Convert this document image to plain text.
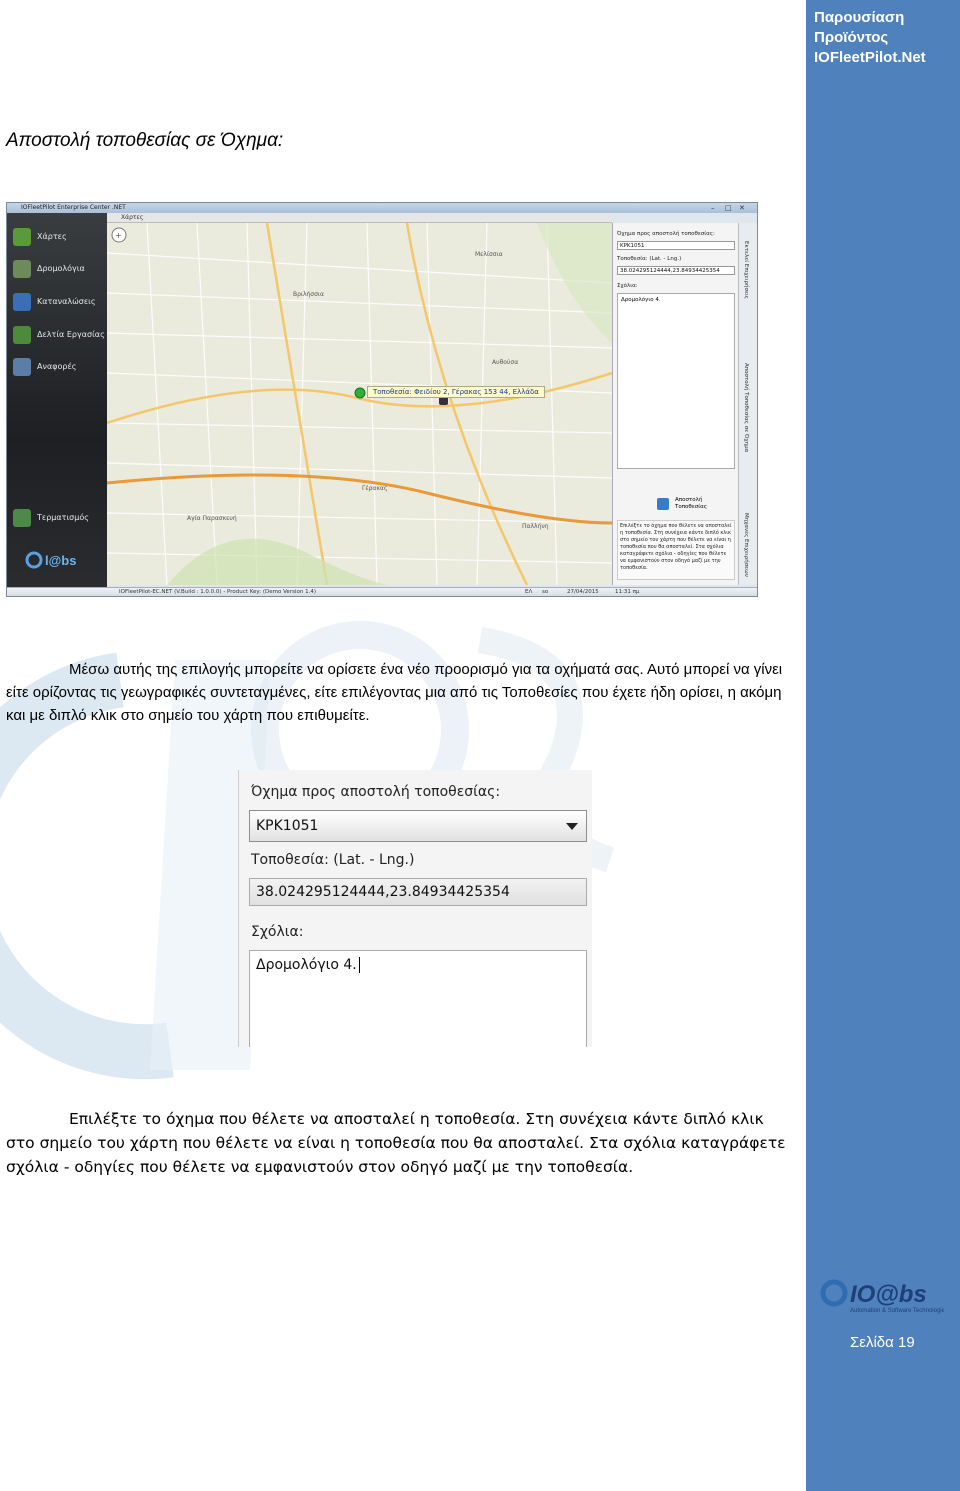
Παρουσίαση
Προϊόντος
IOFleetPilot.Net
Αποστολή τοποθεσίας σε Όχημα:
IOFleetPilot Enterprise Center .NET	– □ ✕
Χάρτες
Δρομολόγια
Καταναλώσεις
Δελτία Εργασίας
Αναφορές
Τερματισμός
l@bs
Χάρτες
+
Βριλήσσια
Μελίσσια
Αυθούσα
Γέρακας
Αγία Παρασκευή
Παλλήνη
Τοποθεσία: Φειδίου 2, Γέρακας 153 44, Ελλάδα
Όχημα προς αποστολή τοποθεσίας:
KPK1051
Τοποθεσία: (Lat. - Lng.)
38.024295124444,23.84934425354
Σχόλια:
Δρομολόγιο 4.
Αποστολή Τοποθεσίας
Επιλέξτε το όχημα που θέλετε να αποσταλεί η τοποθεσία. Στη συνέχεια κάντε διπλό κλικ στο σημείο του χάρτη που θέλετε να είναι η τοποθεσία που θα αποσταλεί. Στα σχόλια καταγράφετε σχόλια - οδηγίες που θέλετε να εμφανιστούν στον οδηγό μαζί με την τοποθεσία.
Εκτελεί Επιχειρήσεις
Αποστολή Τοποθεσίας σε Όχημα
Μηχανές Επιχειρήσεων
IOFleetPilot-EC.NET (V.Build : 1.0.0.0) - Product Key: (Demo Version 1.4)	ΕΛ so	27/04/2015	11:31 πμ
Μέσω αυτής της επιλογής μπορείτε να ορίσετε ένα νέο προορισμό για τα οχήματά σας. Αυτό μπορεί να γίνει είτε ορίζοντας τις γεωγραφικές συντεταγμένες, είτε επιλέγοντας μια από τις Τοποθεσίες που έχετε ήδη ορίσει, η ακόμη και με διπλό κλικ στο σημείο του χάρτη που επιθυμείτε.
Όχημα προς αποστολή τοποθεσίας:
KPK1051
Τοποθεσία: (Lat. - Lng.)
38.024295124444,23.84934425354
Σχόλια:
Δρομολόγιο 4.
Επιλέξτε το όχημα που θέλετε να αποσταλεί η τοποθεσία. Στη συνέχεια κάντε διπλό κλικ στο σημείο του χάρτη που θέλετε να είναι η τοποθεσία που θα αποσταλεί. Στα σχόλια καταγράφετε σχόλια - οδηγίες που θέλετε να εμφανιστούν στον οδηγό μαζί με την τοποθεσία.
IO@bs
Automation & Software Technologies
Σελίδα 19
